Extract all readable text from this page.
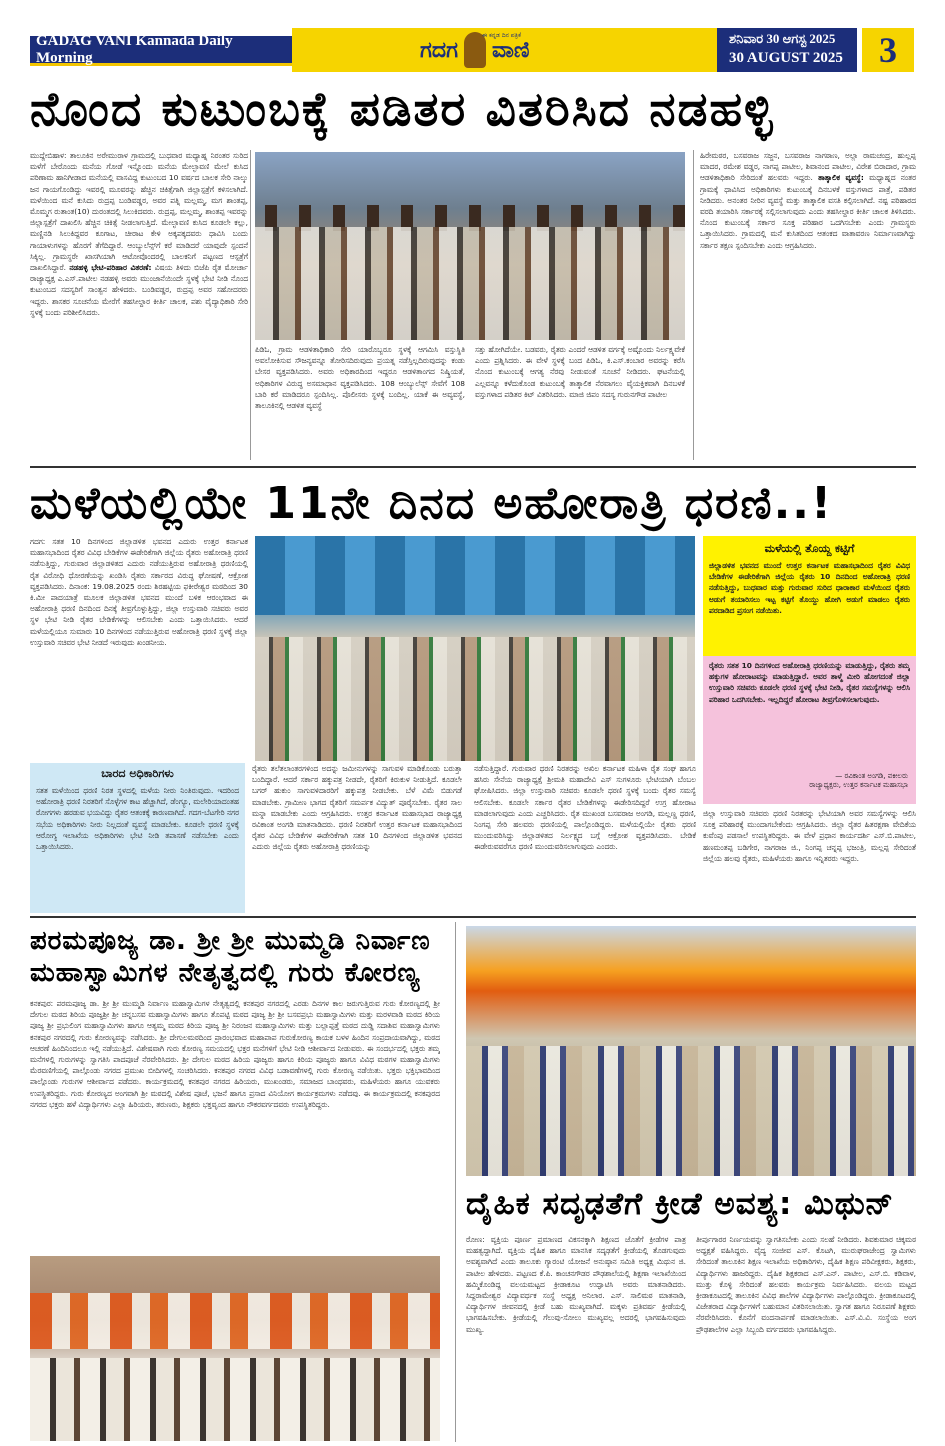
GADAG VANI Kannada Daily Morning	ಗದಗ ವಾಣಿ
ಈ ಕನ್ನಡ ದಿನ ಪತ್ರಿಕೆ	ಶನಿವಾರ 30 ಆಗಸ್ಟ 2025
30 AUGUST 2025	3
ನೊಂದ ಕುಟುಂಬಕ್ಕೆ ಪಡಿತರ ವಿತರಿಸಿದ ನಡಹಳ್ಳಿ
ಮುದ್ದೇಬಿಹಾಳ: ತಾಲೂಕಿನ ಅರೇಮುರಾಳ ಗ್ರಾಮದಲ್ಲಿ ಬುಧವಾರ ಮಧ್ಯಾಹ್ನ ನಿರಂತರ ಸುರಿದ ಮಳೆಗೆ ಬೇರೊಂದು ಮನೆಯ ಗೋಡೆ ಇನ್ನೊಂದು ಮನೆಯ ಮೇಲ್ಛಾವಣಿ ಮೇಲೆ ಕುಸಿದ ಪರಿಣಾಮ ಹಾನಿಗೀಡಾದ ಮನೆಯಲ್ಲಿ ವಾಸವಿದ್ದ ಕುಟುಂಬದ 10 ವರ್ಷದ ಬಾಲಕ ಸೇರಿ ನಾಲ್ಕು ಜನ ಗಾಯಗೊಂಡಿದ್ದು ಇವರಲ್ಲಿ ಮೂವರನ್ನು ಹೆಚ್ಚಿನ ಚಿಕಿತ್ಸೆಗಾಗಿ ಜಿಲ್ಲಾಸ್ಪತ್ರೆಗೆ ಕಳಿಸಲಾಗಿದೆ. ಮಳೆಯಿಂದ ಮನೆ ಕುಸಿದು ರುದ್ರಪ್ಪ ಬಂಡಿವಡ್ಡರ, ಅವರ ಪತ್ನಿ ಮಲ್ಲಮ್ಮ, ಮಗ ಶಾಂತಪ್ಪ, ಮೊಮ್ಮಗ ರುತಾಂತ(10) ದುರಂತದಲ್ಲಿ ಸಿಲುಕಿದವರು. ರುದ್ರಪ್ಪ, ಮಲ್ಲಮ್ಮ, ಶಾಂತಪ್ಪ ಇವರನ್ನು ಜಿಲ್ಲಾಸ್ಪತ್ರೆಗೆ ದಾಖಲಿಸಿ ಹೆಚ್ಚಿನ ಚಿಕಿತ್ಸೆ ನೀಡಲಾಗುತ್ತಿದೆ. ಮೇಲ್ಛಾವಣಿ ಕುಸಿದ ಕೂಡಲೇ ಕಲ್ಲು, ಮಣ್ಣಿನಡಿ ಸಿಲುಕಿದ್ದವರ ಕೂಗಾಟ, ಚೀರಾಟ ಕೇಳಿ ಅಕ್ಕಪಕ್ಕದವರು ಧಾವಿಸಿ ಬಂದು ಗಾಯಾಳುಗಳನ್ನು ಹೊರಗೆ ತೆಗೆದಿದ್ದಾರೆ. ಆಂಬ್ಯುಲೆನ್ಸ್‌ಗೆ ಕರೆ ಮಾಡಿದರೆ ಯಾವುದೇ ಸ್ಪಂದನೆ ಸಿಕ್ಕಿಲ್ಲ. ಗ್ರಾಮಸ್ಥರೇ ಖಾಸಗಿಯಾಗಿ ಆಟೋವೊಂದರಲ್ಲಿ ಬಾಲಕನಿಗೆ ಪಟ್ಟಣದ ಆಸ್ಪತ್ರೆಗೆ ದಾಖಲಿಸಿದ್ದಾರೆ. ನಡಹಳ್ಳಿ ಭೇಟಿ-ಪರಿಹಾರ ವಿತರಣೆ: ವಿಷಯ ತಿಳಿದು ಬಿಜೆಪಿ ರೈತ ಮೋರ್ಚಾ ರಾಜ್ಯಾಧ್ಯಕ್ಷ ಎ.ಎಸ್.ಪಾಟೀಲ ನಡಹಳ್ಳಿ ಅವರು ಮುಂಜಾನೆಯಿಂದೇ ಸ್ಥಳಕ್ಕೆ ಭೇಟಿ ನೀಡಿ ನೊಂದ ಕುಟುಂಬದ ಸದಸ್ಯರಿಗೆ ಸಾಂತ್ವನ ಹೇಳಿದರು. ಬಂಡಿವಡ್ಡರ, ರುದ್ರಪ್ಪ ಅವರ ಸಹೋದರರು ಇದ್ದರು. ಶಾಸಕರ ಸೂಚನೆಯ ಮೇರೆಗೆ ತಹಸೀಲ್ದಾರ ಕೀರ್ತಿ ಚಾಲಕ, ಪಶು ವೈದ್ಯಾಧಿಕಾರಿ ಸೇರಿ ಸ್ಥಳಕ್ಕೆ ಬಂದು ಪರಿಶೀಲಿಸಿದರು.
ಪಿಡಿಓ, ಗ್ರಾಮ ಆಡಳಿತಾಧಿಕಾರಿ ಸೇರಿ ಯಾರೊಬ್ಬರೂ ಸ್ಥಳಕ್ಕೆ ಆಗಮಿಸಿ ವಸ್ತುಸ್ಥಿತಿ ಅವಲೋಕಿಸುವ ಸೌಜನ್ಯವನ್ನೂ ತೋರಿಸದಿರುವುದು ಪ್ರಯತ್ನ ನಡೆಸ್ತಿಲ್ಲದಿರುವುದನ್ನು ಕಂಡು ಬೇಸರ ವ್ಯಕ್ತಪಡಿಸಿದರು. ಅವರು ಅಧಿಕಾರದಿಂದ ಇದ್ದರೂ ಆಡಳಿತಾಂಗದ ನಿಷ್ಕ್ರಿಯತೆ, ಅಧಿಕಾರಿಗಳ ವಿರುದ್ಧ ಅಸಮಾಧಾನ ವ್ಯಕ್ತಪಡಿಸಿದರು. 108 ಆಂಬ್ಯುಲೆನ್ಸ್ ಸೇವೆಗೆ 108 ಬಾರಿ ಕರೆ ಮಾಡಿದರೂ ಸ್ಪಂದಿಸಿಲ್ಲ. ಪೊಲೀಸರು ಸ್ಥಳಕ್ಕೆ ಬಂದಿಲ್ಲ. ಯಾಕೆ ಈ ಅವ್ಯವಸ್ಥೆ, ತಾಲೂಕಿನಲ್ಲಿ ಆಡಳಿತ ವ್ಯವಸ್ಥೆ
ಸತ್ತು ಹೋಗಿದೆಯೇ. ಬಡವರು, ರೈತರು ಎಂದರೆ ಆಡಳಿತ ವರ್ಗಕ್ಕೆ ಅಷ್ಟೊಂದು ನಿರ್ಲಕ್ಷ್ಯವೇಕೆ ಎಂದು ಪ್ರಶ್ನಿಸಿದರು. ಈ ವೇಳೆ ಸ್ಥಳಕ್ಕೆ ಬಂದ ಪಿಡಿಓ, ಕಿ.ಎಸ್.ಕಂಬಾರ ಅವರನ್ನು ಕರೆಸಿ ನೊಂದ ಕುಟುಂಬಕ್ಕೆ ಆಗತ್ಯ ನೆರವು ನೀಡುವಂತೆ ಸೂಚನೆ ನೀಡಿದರು. ಘಟನೆಯಲ್ಲಿ ಎಲ್ಲವನ್ನೂ ಕಳೆದುಕೊಂಡ ಕುಟುಂಬಕ್ಕೆ ತಾತ್ಕಾಲಿಕ ನೆರವಾಗಲು ವೈಯಕ್ತಿಕವಾಗಿ ದಿನಬಳಕೆ ವಸ್ತುಗಳಾದ ಪಡಿತರ ಕಿಟ್ ವಿತರಿಸಿದರು. ಮಾಜಿ ಜಿಪಂ ಸದಸ್ಯ ಗುರುನಗೌಡ ಪಾಟೀಲ
ಹಿರೇಮಠರ, ಬಸವರಾಜ ಸಜ್ಜನ, ಬಸವರಾಜ ನಾಗಠಾಣ, ಅಲ್ಲಾ ರಾಮಚಂದ್ರ, ಹುಲ್ಲಪ್ಪ ಮಾದರ, ರಮೇಶ ವಡ್ಡರ, ನಾಗಪ್ಪ ಪಾಟೀಲ, ಶಿವಾನಂದ ಪಾಟೀಲ, ವಿರೇಶ ಬಿರಾದಾರ, ಗ್ರಾಮ ಆಡಳಿತಾಧಿಕಾರಿ ಸೇರಿದಂತೆ ಹಲವರು ಇದ್ದರು. ತಾತ್ಕಾಲಿಕ ವ್ಯವಸ್ಥೆ: ಮಧ್ಯಾಹ್ನದ ನಂತರ ಗ್ರಾಮಕ್ಕೆ ಧಾವಿಸಿದ ಅಧಿಕಾರಿಗಳು ಕುಟುಂಬಕ್ಕೆ ದಿನಬಳಕೆ ವಸ್ತುಗಳಾದ ಪಾತ್ರೆ, ಪಡಿತರ ನೀಡಿದರು. ಅನಂತರ ನೀರಿನ ವ್ಯವಸ್ಥೆ ಮತ್ತು ತಾತ್ಕಾಲಿಕ ವಸತಿ ಕಲ್ಪಿಸಲಾಗಿದೆ. ನಷ್ಟ ಪರಿಹಾರದ ವರದಿ ತಯಾರಿಸಿ ಸರ್ಕಾರಕ್ಕೆ ಸಲ್ಲಿಸಲಾಗುವುದು ಎಂದು ತಹಸೀಲ್ದಾರ ಕೀರ್ತಿ ಚಾಲಕ ತಿಳಿಸಿದರು. ನೊಂದ ಕುಟುಂಬಕ್ಕೆ ಸರ್ಕಾರ ಸೂಕ್ತ ಪರಿಹಾರ ಒದಗಿಸಬೇಕು ಎಂದು ಗ್ರಾಮಸ್ಥರು ಒತ್ತಾಯಿಸಿದರು. ಗ್ರಾಮದಲ್ಲಿ ಮನೆ ಕುಸಿತದಿಂದ ಆತಂಕದ ವಾತಾವರಣ ನಿರ್ಮಾಣವಾಗಿದ್ದು ಸರ್ಕಾರ ತಕ್ಷಣ ಸ್ಪಂದಿಸಬೇಕು ಎಂದು ಆಗ್ರಹಿಸಿದರು.
ಮಳೆಯಲ್ಲಿಯೇ 11ನೇ ದಿನದ ಅಹೋರಾತ್ರಿ ಧರಣಿ..!
ಗದಗ: ಸತತ 10 ದಿನಗಳಿಂದ ಜಿಲ್ಲಾಡಳಿತ ಭವನದ ಎದುರು ಉತ್ತರ ಕರ್ನಾಟಕ ಮಹಾಸಭಾದಿಂದ ರೈತರ ವಿವಿಧ ಬೇಡಿಕೆಗಳ ಈಡೇರಿಕೆಗಾಗಿ ಜಿಲ್ಲೆಯ ರೈತರು ಅಹೋರಾತ್ರಿ ಧರಣಿ ನಡೆಸುತ್ತಿದ್ದು, ಗುರುವಾರ ಜಿಲ್ಲಾಡಳಿತದ ಎದುರು ನಡೆಯುತ್ತಿರುವ ಅಹೋರಾತ್ರಿ ಧರಣಿಯಲ್ಲಿ ರೈತ ವಿರೋಧಿ ಧೋರಣೆಯನ್ನು ಖಂಡಿಸಿ ರೈತರು ಸರ್ಕಾರದ ವಿರುದ್ಧ ಘೋಷಣೆ, ಆಕ್ರೋಶ ವ್ಯಕ್ತಪಡಿಸಿದರು. ದಿನಾಂಕ: 19.08.2025 ರಂದು ಶಿರಹಟ್ಟಿಯ ಫಕೀರೇಶ್ವರ ಮಠದಿಂದ 30 ಕಿ.ಮೀ ಪಾದಯಾತ್ರೆ ಮೂಲಕ ಜಿಲ್ಲಾಡಳಿತ ಭವನದ ಮುಂದೆ ಬಳಿಕ ಆರಂಭವಾದ ಈ ಅಹೋರಾತ್ರಿ ಧರಣಿ ದಿನದಿಂದ ದಿನಕ್ಕೆ ತೀವ್ರಗೊಳ್ಳುತ್ತಿದ್ದು, ಜಿಲ್ಲಾ ಉಸ್ತುವಾರಿ ಸಚಿವರು ಅವರ ಸ್ಥಳ ಭೇಟಿ ನೀಡಿ ರೈತರ ಬೇಡಿಕೆಗಳನ್ನು ಆಲಿಸಬೇಕು ಎಂದು ಒತ್ತಾಯಿಸಿದರು. ಆದರೆ ಮಳೆಯಲ್ಲಿಯೂ ಸುಮಾರು 10 ದಿನಗಳಿಂದ ನಡೆಯುತ್ತಿರುವ ಅಹೋರಾತ್ರಿ ಧರಣಿ ಸ್ಥಳಕ್ಕೆ ಜಿಲ್ಲಾ ಉಸ್ತುವಾರಿ ಸಚಿವರ ಭೇಟಿ ನೀಡದೆ ಇರುವುದು ಖಂಡನೀಯ.
ಬಾರದ ಅಧಿಕಾರಿಗಳು
ಸತತ ಮಳೆಯಿಂದ ಧರಣಿ ನಿರತ ಸ್ಥಳದಲ್ಲಿ ಮಳೆಯ ನೀರು ನಿಂತಿರುವುದು. ಇದರಿಂದ ಅಹೋರಾತ್ರಿ ಧರಣಿ ನಿರತರಿಗೆ ಸೊಳ್ಳೆಗಳ ಕಾಟ ಹೆಚ್ಚಾಗಿದೆ, ಡೆಂಗ್ಯೂ, ಮಲೇರಿಯಾದಂತಹ ರೋಗಗಳು ಹರಡುವ ಭಯವಿದ್ದು ರೈತರ ಆತಂಕಕ್ಕೆ ಕಾರಣವಾಗಿದೆ. ಗದಗ-ಬೆಟಗೇರಿ ನಗರ ಸಭೆಯ ಅಧಿಕಾರಿಗಳು ನೀರು ನಿಲ್ಲದಂತೆ ವ್ಯವಸ್ಥೆ ಮಾಡಬೇಕು. ಕೂಡಲೇ ಧರಣಿ ಸ್ಥಳಕ್ಕೆ ಆರೋಗ್ಯ ಇಲಾಖೆಯ ಅಧಿಕಾರಿಗಳು ಭೇಟಿ ನೀಡಿ ತಪಾಸಣೆ ನಡೆಸಬೇಕು ಎಂದು ಒತ್ತಾಯಿಸಿದರು.
ರೈತರು ತಲೆತಲಾಂತರಗಳಿಂದ ಅದನ್ನು ಜಮೀನುಗಳನ್ನು ಸಾಗುವಳಿ ಮಾಡಿಕೊಂಡು ಬರುತ್ತಾ ಬಂದಿದ್ದಾರೆ. ಆದರೆ ಸರ್ಕಾರ ಹಕ್ಕುಪತ್ರ ನೀಡದೇ, ರೈತರಿಗೆ ಕಿರುಕುಳ ನೀಡುತ್ತಿದೆ. ಕೂಡಲೇ ಬಗರ್ ಹುಕುಂ ಸಾಗುವಳಿದಾರರಿಗೆ ಹಕ್ಕುಪತ್ರ ನೀಡಬೇಕು. ಬೆಳೆ ವಿಮೆ ಬಿಡುಗಡೆ ಮಾಡಬೇಕು. ಗ್ರಾಮೀಣ ಭಾಗದ ರೈತರಿಗೆ ಸಮರ್ಪಕ ವಿದ್ಯುತ್ ಪೂರೈಸಬೇಕು. ರೈತರ ಸಾಲ ಮನ್ನಾ ಮಾಡಬೇಕು ಎಂದು ಆಗ್ರಹಿಸಿದರು. ಉತ್ತರ ಕರ್ನಾಟಕ ಮಹಾಸಭಾದ ರಾಜ್ಯಾಧ್ಯಕ್ಷ ರವಿಕಾಂತ ಅಂಗಡಿ ಮಾತನಾಡಿದರು. ಧರಣಿ ನಿರತರಿಗೆ ಉತ್ತರ ಕರ್ನಾಟಕ ಮಹಾಸಭಾದಿಂದ ರೈತರ ವಿವಿಧ ಬೇಡಿಕೆಗಳ ಈಡೇರಿಕೆಗಾಗಿ ಸತತ 10 ದಿನಗಳಿಂದ ಜಿಲ್ಲಾಡಳಿತ ಭವನದ ಎದುರು ಜಿಲ್ಲೆಯ ರೈತರು ಅಹೋರಾತ್ರಿ ಧರಣಿಯನ್ನು
ನಡೆಸುತ್ತಿದ್ದಾರೆ. ಗುರುವಾರ ಧರಣಿ ನಿರತರನ್ನು ಅಖಿಲ ಕರ್ನಾಟಕ ಮಹಿಳಾ ರೈತ ಸಂಘ ಹಾಗೂ ಹಸಿರು ಸೇನೆಯ ರಾಜ್ಯಾಧ್ಯಕ್ಷೆ ಶ್ರೀಮತಿ ಮಹಾದೇವಿ ಎಸ್ ಸುಗಳೂರು ಭೇಟಿಯಾಗಿ ಬೆಂಬಲ ಘೋಷಿಸಿದರು. ಜಿಲ್ಲಾ ಉಸ್ತುವಾರಿ ಸಚಿವರು ಕೂಡಲೇ ಧರಣಿ ಸ್ಥಳಕ್ಕೆ ಬಂದು ರೈತರ ಸಮಸ್ಯೆ ಆಲಿಸಬೇಕು. ಕೂಡಲೇ ಸರ್ಕಾರ ರೈತರ ಬೇಡಿಕೆಗಳನ್ನು ಈಡೇರಿಸದಿದ್ದರೆ ಉಗ್ರ ಹೋರಾಟ ಮಾಡಲಾಗುವುದು ಎಂದು ಎಚ್ಚರಿಸಿದರು. ರೈತ ಮುಖಂಡ ಬಸವರಾಜ ಅಂಗಡಿ, ಮಲ್ಲಣ್ಣ ಧರಣಿ, ನಿಂಗಪ್ಪ ಸೇರಿ ಹಲವರು ಧರಣಿಯಲ್ಲಿ ಪಾಲ್ಗೊಂಡಿದ್ದರು. ಮಳೆಯಲ್ಲಿಯೇ ರೈತರು ಧರಣಿ ಮುಂದುವರಿಸಿದ್ದು ಜಿಲ್ಲಾಡಳಿತದ ನಿರ್ಲಕ್ಷ್ಯದ ಬಗ್ಗೆ ಆಕ್ರೋಶ ವ್ಯಕ್ತಪಡಿಸಿದರು. ಬೇಡಿಕೆ ಈಡೇರುವವರೆಗೂ ಧರಣಿ ಮುಂದುವರಿಸಲಾಗುವುದು ಎಂದರು.
ಮಳೆಯಲ್ಲಿ ತೊಯ್ದ ಕಟ್ಟಿಗೆ
ಜಿಲ್ಲಾಡಳಿತ ಭವನದ ಮುಂದೆ ಉತ್ತರ ಕರ್ನಾಟಕ ಮಹಾಸಭಾದಿಂದ ರೈತರ ವಿವಿಧ ಬೇಡಿಕೆಗಳ ಈಡೇರಿಕೆಗಾಗಿ ಜಿಲ್ಲೆಯ ರೈತರು 10 ದಿನದಿಂದ ಅಹೋರಾತ್ರಿ ಧರಣಿ ನಡೆಸುತ್ತಿದ್ದು, ಬುಧವಾರ ಮತ್ತು ಗುರುವಾರ ಸುರಿದ ಧಾರಾಕಾರ ಮಳೆಯಿಂದ ರೈತರು ಅಡುಗೆ ತಯಾರಿಸಲು ಇಟ್ಟ ಕಟ್ಟಿಗೆ ತೊಯ್ದು ಹೋಗಿ ಅಡುಗೆ ಮಾಡಲು ರೈತರು ಪರದಾಡಿದ ಪ್ರಸಂಗ ನಡೆಯಿತು.
ರೈತರು ಸತತ 10 ದಿನಗಳಿಂದ ಅಹೋರಾತ್ರಿ ಧರಣಿಯನ್ನು ಮಾಡುತ್ತಿದ್ದು, ರೈತರು ತಮ್ಮ ಹಕ್ಕುಗಳ ಹೋರಾಟವನ್ನು ಮಾಡುತ್ತಿದ್ದಾರೆ. ಅವರ ತಾಳ್ಮೆ ಮೀರಿ ಹೋಗದಂತೆ ಜಿಲ್ಲಾ ಉಸ್ತುವಾರಿ ಸಚಿವರು ಕೂಡಲೇ ಧರಣಿ ಸ್ಥಳಕ್ಕೆ ಭೇಟಿ ನೀಡಿ, ರೈತರ ಸಮಸ್ಯೆಗಳನ್ನು ಆಲಿಸಿ ಪರಿಹಾರ ಒದಗಿಸಬೇಕು. ಇಲ್ಲದಿದ್ದರೆ ಹೋರಾಟ ತೀವ್ರಗೊಳಿಸಲಾಗುವುದು.
— ರವಿಕಾಂತ ಅಂಗಡಿ, ವಕೀಲರು
ರಾಜ್ಯಾಧ್ಯಕ್ಷರು, ಉತ್ತರ ಕರ್ನಾಟಕ ಮಹಾಸಭಾ
ಜಿಲ್ಲಾ ಉಸ್ತುವಾರಿ ಸಚಿವರು ಧರಣಿ ನಿರತರನ್ನು ಭೇಟಿಯಾಗಿ ಅವರ ಸಮಸ್ಯೆಗಳನ್ನು ಆಲಿಸಿ ಸೂಕ್ತ ಪರಿಹಾರಕ್ಕೆ ಮುಂದಾಗಬೇಕೆಂದು ಆಗ್ರಹಿಸಿದರು. ಜಿಲ್ಲಾ ರೈತರ ಹಿತರಕ್ಷಣಾ ವೇದಿಕೆಯ ಕುವೆಂಪು ಪಡಸಾಲೆ ಉಪಸ್ಥಿತರಿದ್ದರು. ಈ ವೇಳೆ ಪ್ರಧಾನ ಕಾರ್ಯದರ್ಶಿ ಎಸ್.ಬಿ.ಪಾಟೀಲ, ಹಣಮಂತಪ್ಪ ಬಡಿಗೇರ, ನಾಗರಾಜ ಜಿ., ನಿಂಗಪ್ಪ ಚನ್ನಪ್ಪ ಭಜಂತ್ರಿ, ಮಲ್ಲಪ್ಪ ಸೇರಿದಂತೆ ಜಿಲ್ಲೆಯ ಹಲವು ರೈತರು, ಮಹಿಳೆಯರು ಹಾಗೂ ಇನ್ನಿತರರು ಇದ್ದರು.
ಪರಮಪೂಜ್ಯ ಡಾ. ಶ್ರೀ ಶ್ರೀ ಮುಮ್ಮಡಿ ನಿರ್ವಾಣ
ಮಹಾಸ್ವಾಮಿಗಳ ನೇತೃತ್ವದಲ್ಲಿ ಗುರು ಕೋರಣ್ಯ
ಕನಕಪುರ: ಪರಮಪೂಜ್ಯ ಡಾ. ಶ್ರೀ ಶ್ರೀ ಮುಮ್ಮಡಿ ನಿರ್ವಾಣ ಮಹಾಸ್ವಾಮಿಗಳ ನೇತೃತ್ವದಲ್ಲಿ ಕನಕಪುರ ನಗರದಲ್ಲಿ ಎರಡು ದಿನಗಳ ಕಾಲ ಜರುಗುತ್ತಿರುವ ಗುರು ಕೋರಣ್ಯದಲ್ಲಿ ಶ್ರೀ ದೇಗುಲ ಮಠದ ಶಿರಿಯ ಪೂಜ್ಯಶ್ರೀ ಶ್ರೀ ಚನ್ನಬಸವ ಮಹಾಸ್ವಾಮಿಗಳು ಹಾಗೂ ತೊಪಟ್ಟಿ ಮಠದ ಪೂಜ್ಯ ಶ್ರೀ ಶ್ರೀ ಬಸವಪ್ರಭು ಮಹಾಸ್ವಾಮಿಗಳು ಮತ್ತು ಮರಳವಾಡಿ ಮಠದ ಕಿರಿಯ ಪೂಜ್ಯ ಶ್ರೀ ಪ್ರಭುಲಿಂಗ ಮಹಾಸ್ವಾಮಿಗಳು ಹಾಗೂ ಆತ್ಯಮ್ಮ ಮಠದ ಕಿರಿಯ ಪೂಜ್ಯ ಶ್ರೀ ನಿರಂಜನ ಮಹಾಸ್ವಾಮಿಗಳು ಮತ್ತು ಬಲ್ಲಾಪ್ಪತ್ತೆ ಮಠದ ದುಡ್ಡಿ ಸದಾಶಿವ ಮಹಾಸ್ವಾಮಿಗಳು ಕನಕಪುರ ನಗರದಲ್ಲಿ ಗುರು ಕೋರಣ್ಯವನ್ನು ನಡೆಸಿದರು. ಶ್ರೀ ದೇಗುಲಮಠದಿಂದ ಪ್ರಾರಂಭವಾದ ಮಹಾಪಾಪ ಗುರುಕೋರಣ್ಯ ಕಾಯಕ ಬಳಳ ಹಿಂದಿನ ಸಂಪ್ರದಾಯವಾಗಿದ್ದು, ಮಠದ ಆಚರಣೆ ಹಿಂದಿನಿಂದಲೂ ಇಲ್ಲಿ ನಡೆಯುತ್ತಿದೆ. ವಿಶೇಷವಾಗಿ ಗುರು ಕೋರಣ್ಯ ಸಮಯದಲ್ಲಿ ಭಕ್ತರ ಮನೆಗಳಿಗೆ ಭೇಟಿ ನೀಡಿ ಆಶೀರ್ವಾದ ನೀಡುವರು. ಈ ಸಂದರ್ಭದಲ್ಲಿ ಭಕ್ತರು ತಮ್ಮ ಮನೆಗಳಲ್ಲಿ ಗುರುಗಳನ್ನು ಸ್ವಾಗತಿಸಿ ಪಾದಪೂಜೆ ನೆರವೇರಿಸಿದರು. ಶ್ರೀ ದೇಗುಲ ಮಠದ ಹಿರಿಯ ಪೂಜ್ಯರು ಹಾಗೂ ಕಿರಿಯ ಪೂಜ್ಯರು ಹಾಗೂ ವಿವಿಧ ಮಠಗಳ ಮಹಾಸ್ವಾಮಿಗಳು ಮೆರವಣಿಗೆಯಲ್ಲಿ ಪಾಲ್ಗೊಂಡು ನಗರದ ಪ್ರಮುಖ ಬೀದಿಗಳಲ್ಲಿ ಸಂಚರಿಸಿದರು. ಕನಕಪುರ ನಗರದ ವಿವಿಧ ಬಡಾವಣೆಗಳಲ್ಲಿ ಗುರು ಕೋರಣ್ಯ ನಡೆಯಿತು. ಭಕ್ತರು ಭಕ್ತಿಭಾವದಿಂದ ಪಾಲ್ಗೊಂಡು ಗುರುಗಳ ಆಶೀರ್ವಾದ ಪಡೆದರು. ಕಾರ್ಯಕ್ರಮದಲ್ಲಿ ಕನಕಪುರ ನಗರದ ಹಿರಿಯರು, ಮುಖಂಡರು, ಸಮಾಜದ ಬಾಂಧವರು, ಮಹಿಳೆಯರು ಹಾಗೂ ಯುವಕರು ಉಪಸ್ಥಿತರಿದ್ದರು. ಗುರು ಕೋರಣ್ಯದ ಅಂಗವಾಗಿ ಶ್ರೀ ಮಠದಲ್ಲಿ ವಿಶೇಷ ಪೂಜೆ, ಭಜನೆ ಹಾಗೂ ಪ್ರಸಾದ ವಿನಿಯೋಗ ಕಾರ್ಯಕ್ರಮಗಳು ನಡೆದವು. ಈ ಕಾರ್ಯಕ್ರಮದಲ್ಲಿ ಕನಕಪುರದ ನಗರದ ಭಕ್ತರು ಹಳೆ ವಿದ್ಯಾರ್ಥಿಗಳು ಎಲ್ಲಾ ಹಿರಿಯರು, ತರುಣರು, ಶಿಕ್ಷಕರು ಭಕ್ತವೃಂದ ಹಾಗೂ ನೌಕರವರ್ಗದವರು ಉಪಸ್ಥಿತರಿದ್ದರು.
ದೈಹಿಕ ಸದೃಢತೆಗೆ ಕ್ರೀಡೆ ಅವಶ್ಯ: ಮಿಥುನ್
ರೋಣ: ವ್ಯಕ್ತಿಯ ಪೂರ್ಣ ಪ್ರಮಾಣದ ವಿಕಸನಕ್ಕಾಗಿ ಶಿಕ್ಷಣದ ಜೊತೆಗೆ ಕ್ರೀಡೆಗಳ ಪಾತ್ರ ಮಹತ್ವದ್ದಾಗಿದೆ. ವ್ಯಕ್ತಿಯ ದೈಹಿಕ ಹಾಗೂ ಮಾನಸಿಕ ಸದೃಢತೆಗೆ ಕ್ರೀಡೆಯಲ್ಲಿ ತೊಡಗುವುದು ಅವಶ್ಯವಾಗಿದೆ ಎಂದು ತಾಲೂಕು ಗ್ಯಾರಂಟಿ ಯೋಜನೆ ಅನುಷ್ಠಾನ ಸಮಿತಿ ಅಧ್ಯಕ್ಷ ಮಿಥುನ ಜಿ. ಪಾಟೀಲ ಹೇಳಿದರು. ಪಟ್ಟಣದ ಕೆ.ಪಿ. ಕಾಂಚನಗೌಡರ ಪೌಢಶಾಲೆಯಲ್ಲಿ ಶಿಕ್ಷಣಾ ಇಲಾಖೆಯಿಂದ ಹಮ್ಮಿಕೊಂಡಿದ್ದ ವಲಯಮಟ್ಟದ ಕ್ರೀಡಾಕೂಟ ಉದ್ಘಾಟಿಸಿ ಅವರು ಮಾತನಾಡಿದರು. ಸಿದ್ದರಾಮೇಶ್ವರ ವಿದ್ಯಾವರ್ಧಕ ಸಂಸ್ಥೆ ಅಧ್ಯಕ್ಷ ಅನಿಲಾರ. ಎಸ್. ಸಾಲಿಮಠ ಮಾತನಾಡಿ, ವಿದ್ಯಾರ್ಥಿಗಳ ಜೀವನದಲ್ಲಿ ಕ್ರೀಡೆ ಬಹು ಮುಖ್ಯವಾಗಿದೆ. ಮಕ್ಕಳು ಪ್ರತಿವರ್ಷ ಕ್ರೀಡೆಯಲ್ಲಿ ಭಾಗವಹಿಸಬೇಕು. ಕ್ರೀಡೆಯಲ್ಲಿ ಗೆಲುವು-ಸೋಲು ಮುಖ್ಯವಲ್ಲ ಅದರಲ್ಲಿ ಭಾಗವಹಿಸುವುದು ಮುಖ್ಯ.
ತೀರ್ಪುಗಾರರ ನಿರ್ಣಯವನ್ನು ಸ್ವಾಗತಿಸಬೇಕು ಎಂದು ಸಲಹೆ ನೀಡಿದರು. ಶಿವಕುಮಾರ ಚಿಕ್ಕಮಠ ಅಧ್ಯಕ್ಷತೆ ವಹಿಸಿದ್ದರು. ವೈದ್ಯ ಸಂಜೀವ ಎಸ್. ಕೊಟಗಿ, ಮುರುಘರಾಜೇಂದ್ರ ಸ್ವಾಮಿಗಳು ಸೇರಿದಂತೆ ತಾಲೂಕಿನ ಶಿಕ್ಷಣ ಇಲಾಖೆಯ ಅಧಿಕಾರಿಗಳು, ದೈಹಿಕ ಶಿಕ್ಷಣ ಪರಿವೀಕ್ಷಕರು, ಶಿಕ್ಷಕರು, ವಿದ್ಯಾರ್ಥಿಗಳು ಹಾಜರಿದ್ದರು. ದೈಹಿಕ ಶಿಕ್ಷಕರಾದ ಎಸ್.ಎನ್. ಪಾಟೀಲ, ಎಸ್.ಬಿ. ಕಡಿವಾಳ, ಮುತ್ತು ಕೊಳ್ಳಿ ಸೇರಿದಂತೆ ಹಲವರು ಕಾರ್ಯಕ್ರಮ ನಿರ್ವಹಿಸಿದರು. ವಲಯ ಮಟ್ಟದ ಕ್ರೀಡಾಕೂಟದಲ್ಲಿ ತಾಲೂಕಿನ ವಿವಿಧ ಶಾಲೆಗಳ ವಿದ್ಯಾರ್ಥಿಗಳು ಪಾಲ್ಗೊಂಡಿದ್ದರು. ಕ್ರೀಡಾಕೂಟದಲ್ಲಿ ವಿಜೇತರಾದ ವಿದ್ಯಾರ್ಥಿಗಳಿಗೆ ಬಹುಮಾನ ವಿತರಿಸಲಾಯಿತು. ಸ್ವಾಗತ ಹಾಗೂ ನಿರೂಪಣೆ ಶಿಕ್ಷಕರು ನೆರವೇರಿಸಿದರು. ಕೊನೆಗೆ ವಂದನಾರ್ಪಣೆ ಮಾಡಲಾಯಿತು. ಎಸ್.ವಿ.ವಿ. ಸಂಸ್ಥೆಯ ಅಂಗ ಪ್ರೌಢಶಾಲೆಗಳ ಎಲ್ಲಾ ಸಿಬ್ಬಂದಿ ವರ್ಗದವರು ಭಾಗವಹಿಸಿದ್ದರು.
